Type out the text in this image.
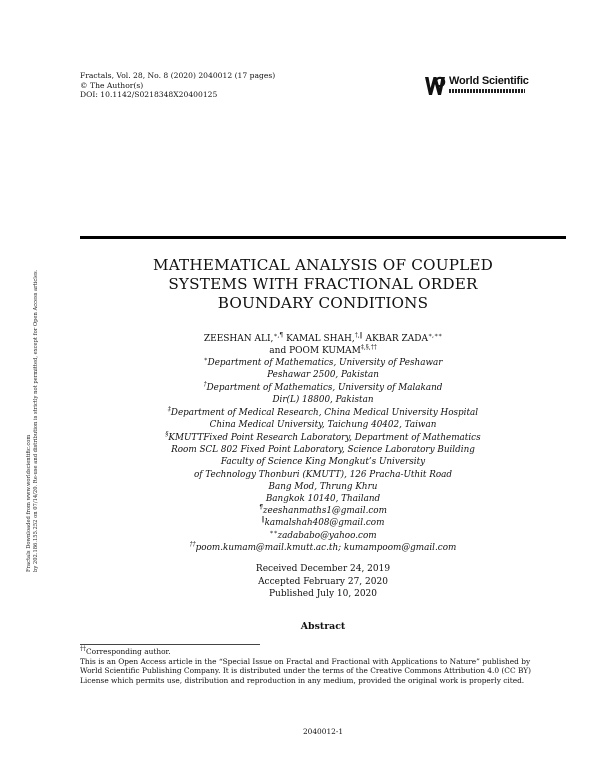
Fractals, Vol. 28, No. 8 (2020) 2040012 (17 pages)
© The Author(s)
DOI: 10.1142/S0218348X20400125
World Scientific
Fractals Downloaded from www.worldscientific.com by 202.186.155.252 on 07/14/20. Re-use and distribution is strictly not permitted, except for Open Access articles.
MATHEMATICAL ANALYSIS OF COUPLED
SYSTEMS WITH FRACTIONAL ORDER
BOUNDARY CONDITIONS
ZEESHAN ALI,∗,¶ KAMAL SHAH,†,‖ AKBAR ZADA∗,∗∗
and POOM KUMAM‡,§,††
∗Department of Mathematics, University of Peshawar
Peshawar 2500, Pakistan
†Department of Mathematics, University of Malakand
Dir(L) 18800, Pakistan
‡Department of Medical Research, China Medical University Hospital
China Medical University, Taichung 40402, Taiwan
§KMUTTFixed Point Research Laboratory, Department of Mathematics
Room SCL 802 Fixed Point Laboratory, Science Laboratory Building
Faculty of Science King Mongkut’s University
of Technology Thonburi (KMUTT), 126 Pracha-Uthit Road
Bang Mod, Thrung Khru
Bangkok 10140, Thailand
¶zeeshanmaths1@gmail.com
‖kamalshah408@gmail.com
∗∗zadababo@yahoo.com
††poom.kumam@mail.kmutt.ac.th; kumampoom@gmail.com
Received December 24, 2019
Accepted February 27, 2020
Published July 10, 2020
Abstract
††Corresponding author.
This is an Open Access article in the “Special Issue on Fractal and Fractional with Applications to Nature” published by
World Scientific Publishing Company. It is distributed under the terms of the Creative Commons Attribution 4.0 (CC BY)
License which permits use, distribution and reproduction in any medium, provided the original work is properly cited.
2040012-1
